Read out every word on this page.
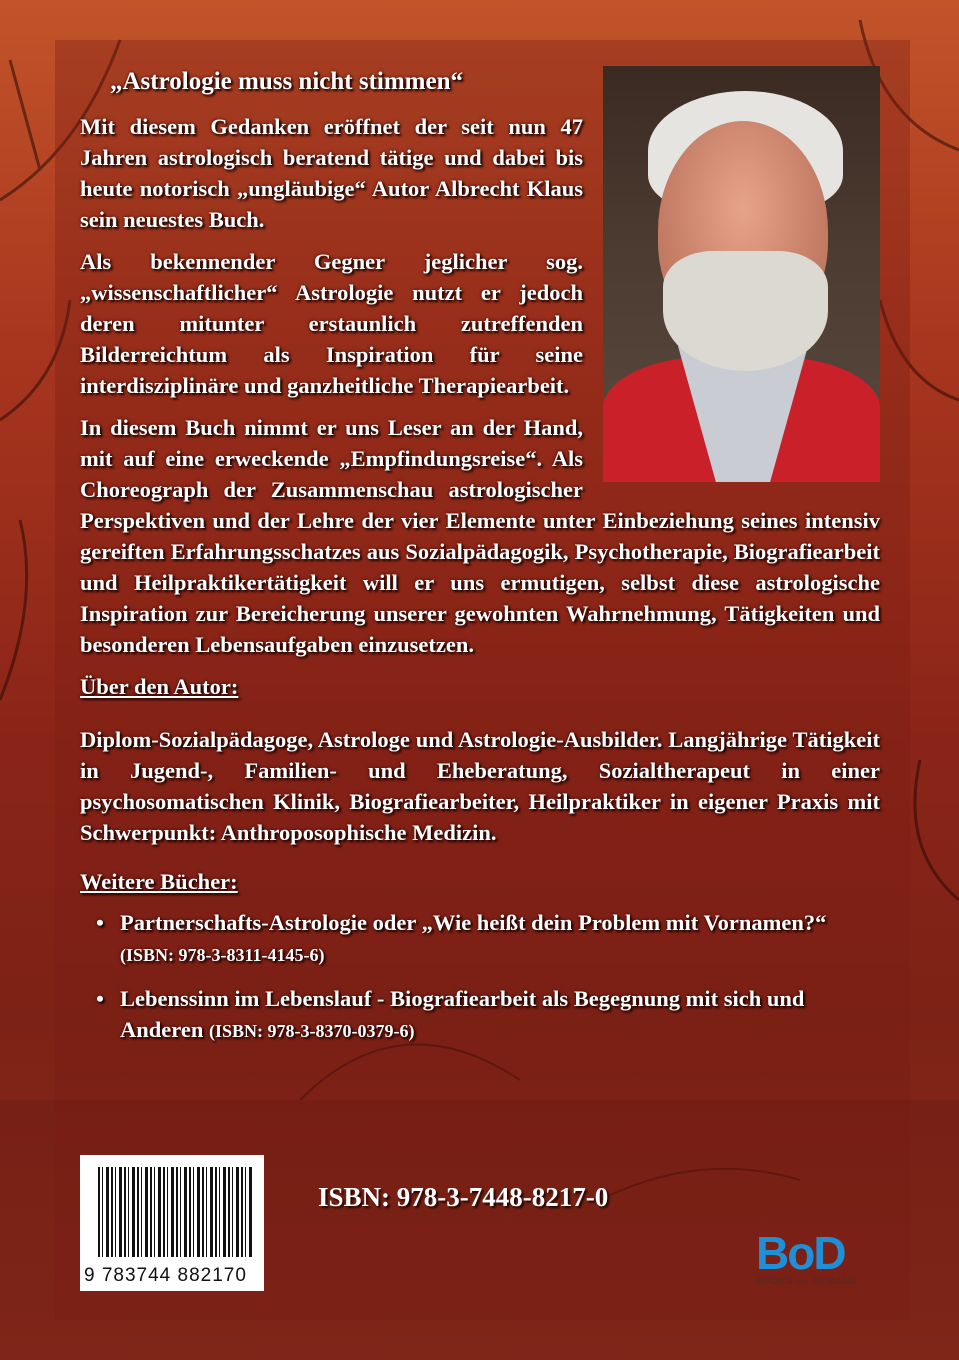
„Astrologie muss nicht stimmen“

Mit diesem Gedanken eröffnet der seit nun 47 Jahren astrologisch beratend tätige und dabei bis heute notorisch „ungläubige“ Autor Albrecht Klaus sein neuestes Buch.

Als bekennender Gegner jeglicher sog. „wissenschaftlicher“ Astrologie nutzt er jedoch deren mitunter erstaunlich zutreffenden Bilderreichtum als Inspiration für seine interdisziplinäre und ganzheitliche Therapiearbeit.

In diesem Buch nimmt er uns Leser an der Hand, mit auf eine erweckende „Empfindungsreise“. Als Choreograph der Zusammenschau astrologischer Perspektiven und der Lehre der vier Elemente unter Einbeziehung seines intensiv gereiften Erfahrungsschatzes aus Sozialpädagogik, Psychotherapie, Biografiearbeit und Heilpraktikertätigkeit will er uns ermutigen, selbst diese astrologische Inspiration zur Bereicherung unserer gewohnten Wahrnehmung, Tätigkeiten und besonderen Lebensaufgaben einzusetzen.

Über den Autor:

Diplom-Sozialpädagoge, Astrologe und Astrologie-Ausbilder. Langjährige Tätigkeit in Jugend-, Familien- und Eheberatung, Sozialtherapeut in einer psychosomatischen Klinik, Biografiearbeiter, Heilpraktiker in eigener Praxis mit Schwerpunkt: Anthroposophische Medizin.

Weitere Bücher:

• Partnerschafts-Astrologie oder „Wie heißt dein Problem mit Vornamen?“ (ISBN: 978-3-8311-4145-6)
• Lebenssinn im Lebenslauf - Biografiearbeit als Begegnung mit sich und Anderen (ISBN: 978-3-8370-0379-6)
9 783744 882170
ISBN: 978-3-7448-8217-0
BoD
BOOKS on DEMAND
